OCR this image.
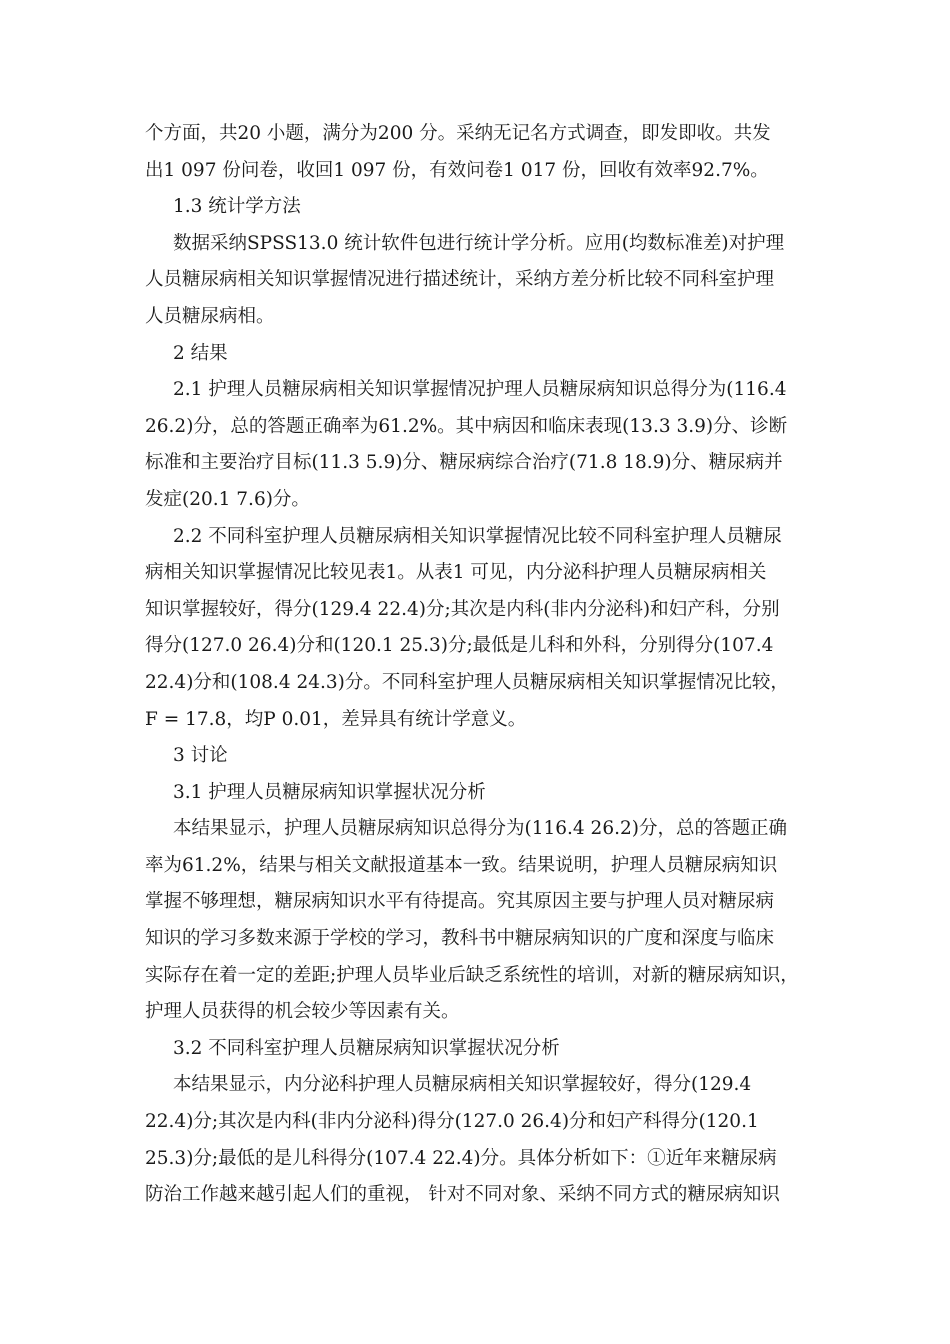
个方面，共20 小题，满分为200 分。采纳无记名方式调查，即发即收。共发
出1 097 份问卷，收回1 097 份，有效问卷1 017 份，回收有效率92.7%。
1.3 统计学方法
数据采纳SPSS13.0 统计软件包进行统计学分析。应用(均数标准差)对护理
人员糖尿病相关知识掌握情况进行描述统计，采纳方差分析比较不同科室护理
人员糖尿病相。
2 结果
2.1 护理人员糖尿病相关知识掌握情况护理人员糖尿病知识总得分为(116.4
26.2)分，总的答题正确率为61.2%。其中病因和临床表现(13.3 3.9)分、诊断
标准和主要治疗目标(11.3 5.9)分、糖尿病综合治疗(71.8 18.9)分、糖尿病并
发症(20.1 7.6)分。
2.2 不同科室护理人员糖尿病相关知识掌握情况比较不同科室护理人员糖尿
病相关知识掌握情况比较见表1。从表1 可见，内分泌科护理人员糖尿病相关
知识掌握较好，得分(129.4 22.4)分;其次是内科(非内分泌科)和妇产科，分别
得分(127.0 26.4)分和(120.1 25.3)分;最低是儿科和外科，分别得分(107.4
22.4)分和(108.4 24.3)分。不同科室护理人员糖尿病相关知识掌握情况比较，
F = 17.8，均P 0.01，差异具有统计学意义。
3 讨论
3.1 护理人员糖尿病知识掌握状况分析
本结果显示，护理人员糖尿病知识总得分为(116.4 26.2)分，总的答题正确
率为61.2%，结果与相关文献报道基本一致。结果说明，护理人员糖尿病知识
掌握不够理想，糖尿病知识水平有待提高。究其原因主要与护理人员对糖尿病
知识的学习多数来源于学校的学习，教科书中糖尿病知识的广度和深度与临床
实际存在着一定的差距;护理人员毕业后缺乏系统性的培训，对新的糖尿病知识，
护理人员获得的机会较少等因素有关。
3.2 不同科室护理人员糖尿病知识掌握状况分析
本结果显示，内分泌科护理人员糖尿病相关知识掌握较好，得分(129.4
22.4)分;其次是内科(非内分泌科)得分(127.0 26.4)分和妇产科得分(120.1
25.3)分;最低的是儿科得分(107.4 22.4)分。具体分析如下：①近年来糖尿病
防治工作越来越引起人们的重视， 针对不同对象、采纳不同方式的糖尿病知识
